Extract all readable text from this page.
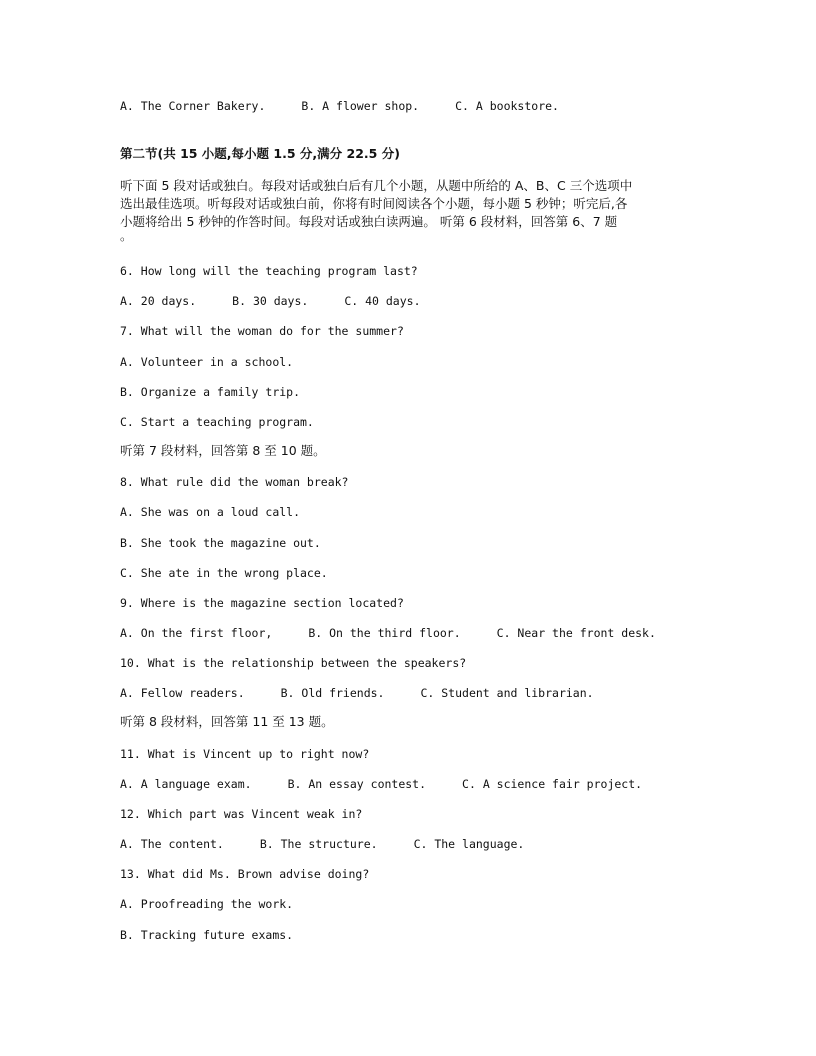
A. The Corner Bakery.	B. A flower shop.	C. A bookstore.
第二节(共 15 小题,每小题 1.5 分,满分 22.5 分)
听下面 5 段对话或独白。每段对话或独白后有几个小题，从题中所给的 A、B、C 三个选项中
选出最佳选项。听每段对话或独白前，你将有时间阅读各个小题，每小题 5 秒钟；听完后,各
小题将给出 5 秒钟的作答时间。每段对话或独白读两遍。 听第 6 段材料，回答第 6、7 题
。
6. How long will the teaching program last?
A. 20 days.	B. 30 days.	C. 40 days.
7. What will the woman do for the summer?
A. Volunteer in a school.
B. Organize a family trip.
C. Start a teaching program.
听第 7 段材料，回答第 8 至 10 题。
8. What rule did the woman break?
A. She was on a loud call.
B. She took the magazine out.
C. She ate in the wrong place.
9. Where is the magazine section located?
A. On the first floor,	B. On the third floor.	C. Near the front desk.
10. What is the relationship between the speakers?
A. Fellow readers.	B. Old friends.	C. Student and librarian.
听第 8 段材料，回答第 11 至 13 题。
11. What is Vincent up to right now?
A. A language exam.	B. An essay contest.	C. A science fair project.
12. Which part was Vincent weak in?
A. The content.	B. The structure.	C. The language.
13. What did Ms. Brown advise doing?
A. Proofreading the work.
B. Tracking future exams.
